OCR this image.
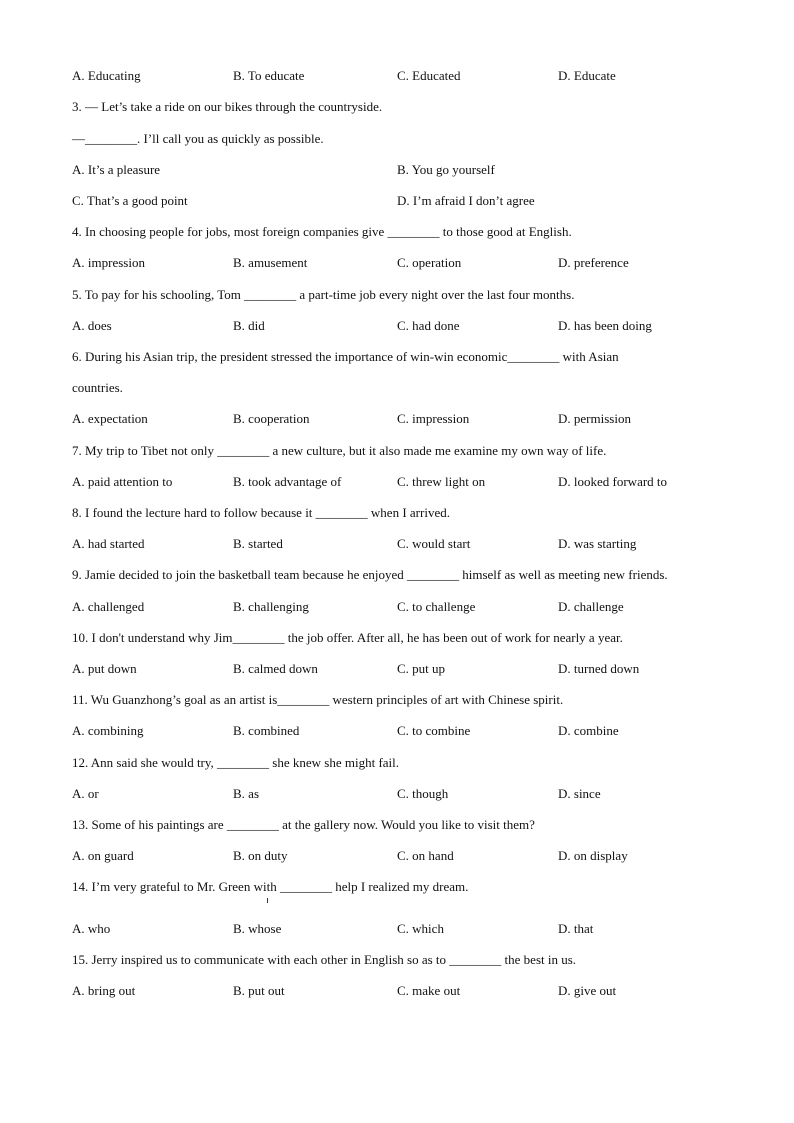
A. Educating	B. To educate	C. Educated	D. Educate
3. — Let’s take a ride on our bikes through the countryside.
—________. I’ll call you as quickly as possible.
A. It’s a pleasure	B. You go yourself
C. That’s a good point	D. I’m afraid I don’t agree
4. In choosing people for jobs, most foreign companies give ________ to those good at English.
A. impression	B. amusement	C. operation	D. preference
5. To pay for his schooling, Tom ________ a part-time job every night over the last four months.
A. does	B. did	C. had done	D. has been doing
6. During his Asian trip, the president stressed the importance of win-win economic________ with Asian
countries.
A. expectation	B. cooperation	C. impression	D. permission
7. My trip to Tibet not only ________ a new culture, but it also made me examine my own way of life.
A. paid attention to	B. took advantage of	C. threw light on	D. looked forward to
8. I found the lecture hard to follow because it ________ when I arrived.
A. had started	B. started	C. would start	D. was starting
9. Jamie decided to join the basketball team because he enjoyed ________ himself as well as meeting new friends.
A. challenged	B. challenging	C. to challenge	D. challenge
10. I don't understand why Jim________ the job offer. After all, he has been out of work for nearly a year.
A. put down	B. calmed down	C. put up	D. turned down
11. Wu Guanzhong’s goal as an artist is________ western principles of art with Chinese spirit.
A. combining	B. combined	C. to combine	D. combine
12. Ann said she would try, ________ she knew she might fail.
A. or	B. as	C. though	D. since
13. Some of his paintings are ________ at the gallery now. Would you like to visit them?
A. on guard	B. on duty	C. on hand	D. on display
14. I’m very grateful to Mr. Green with ________ help I realized my dream.
A. who	B. whose	C. which	D. that
15. Jerry inspired us to communicate with each other in English so as to ________ the best in us.
A. bring out	B. put out	C. make out	D. give out
